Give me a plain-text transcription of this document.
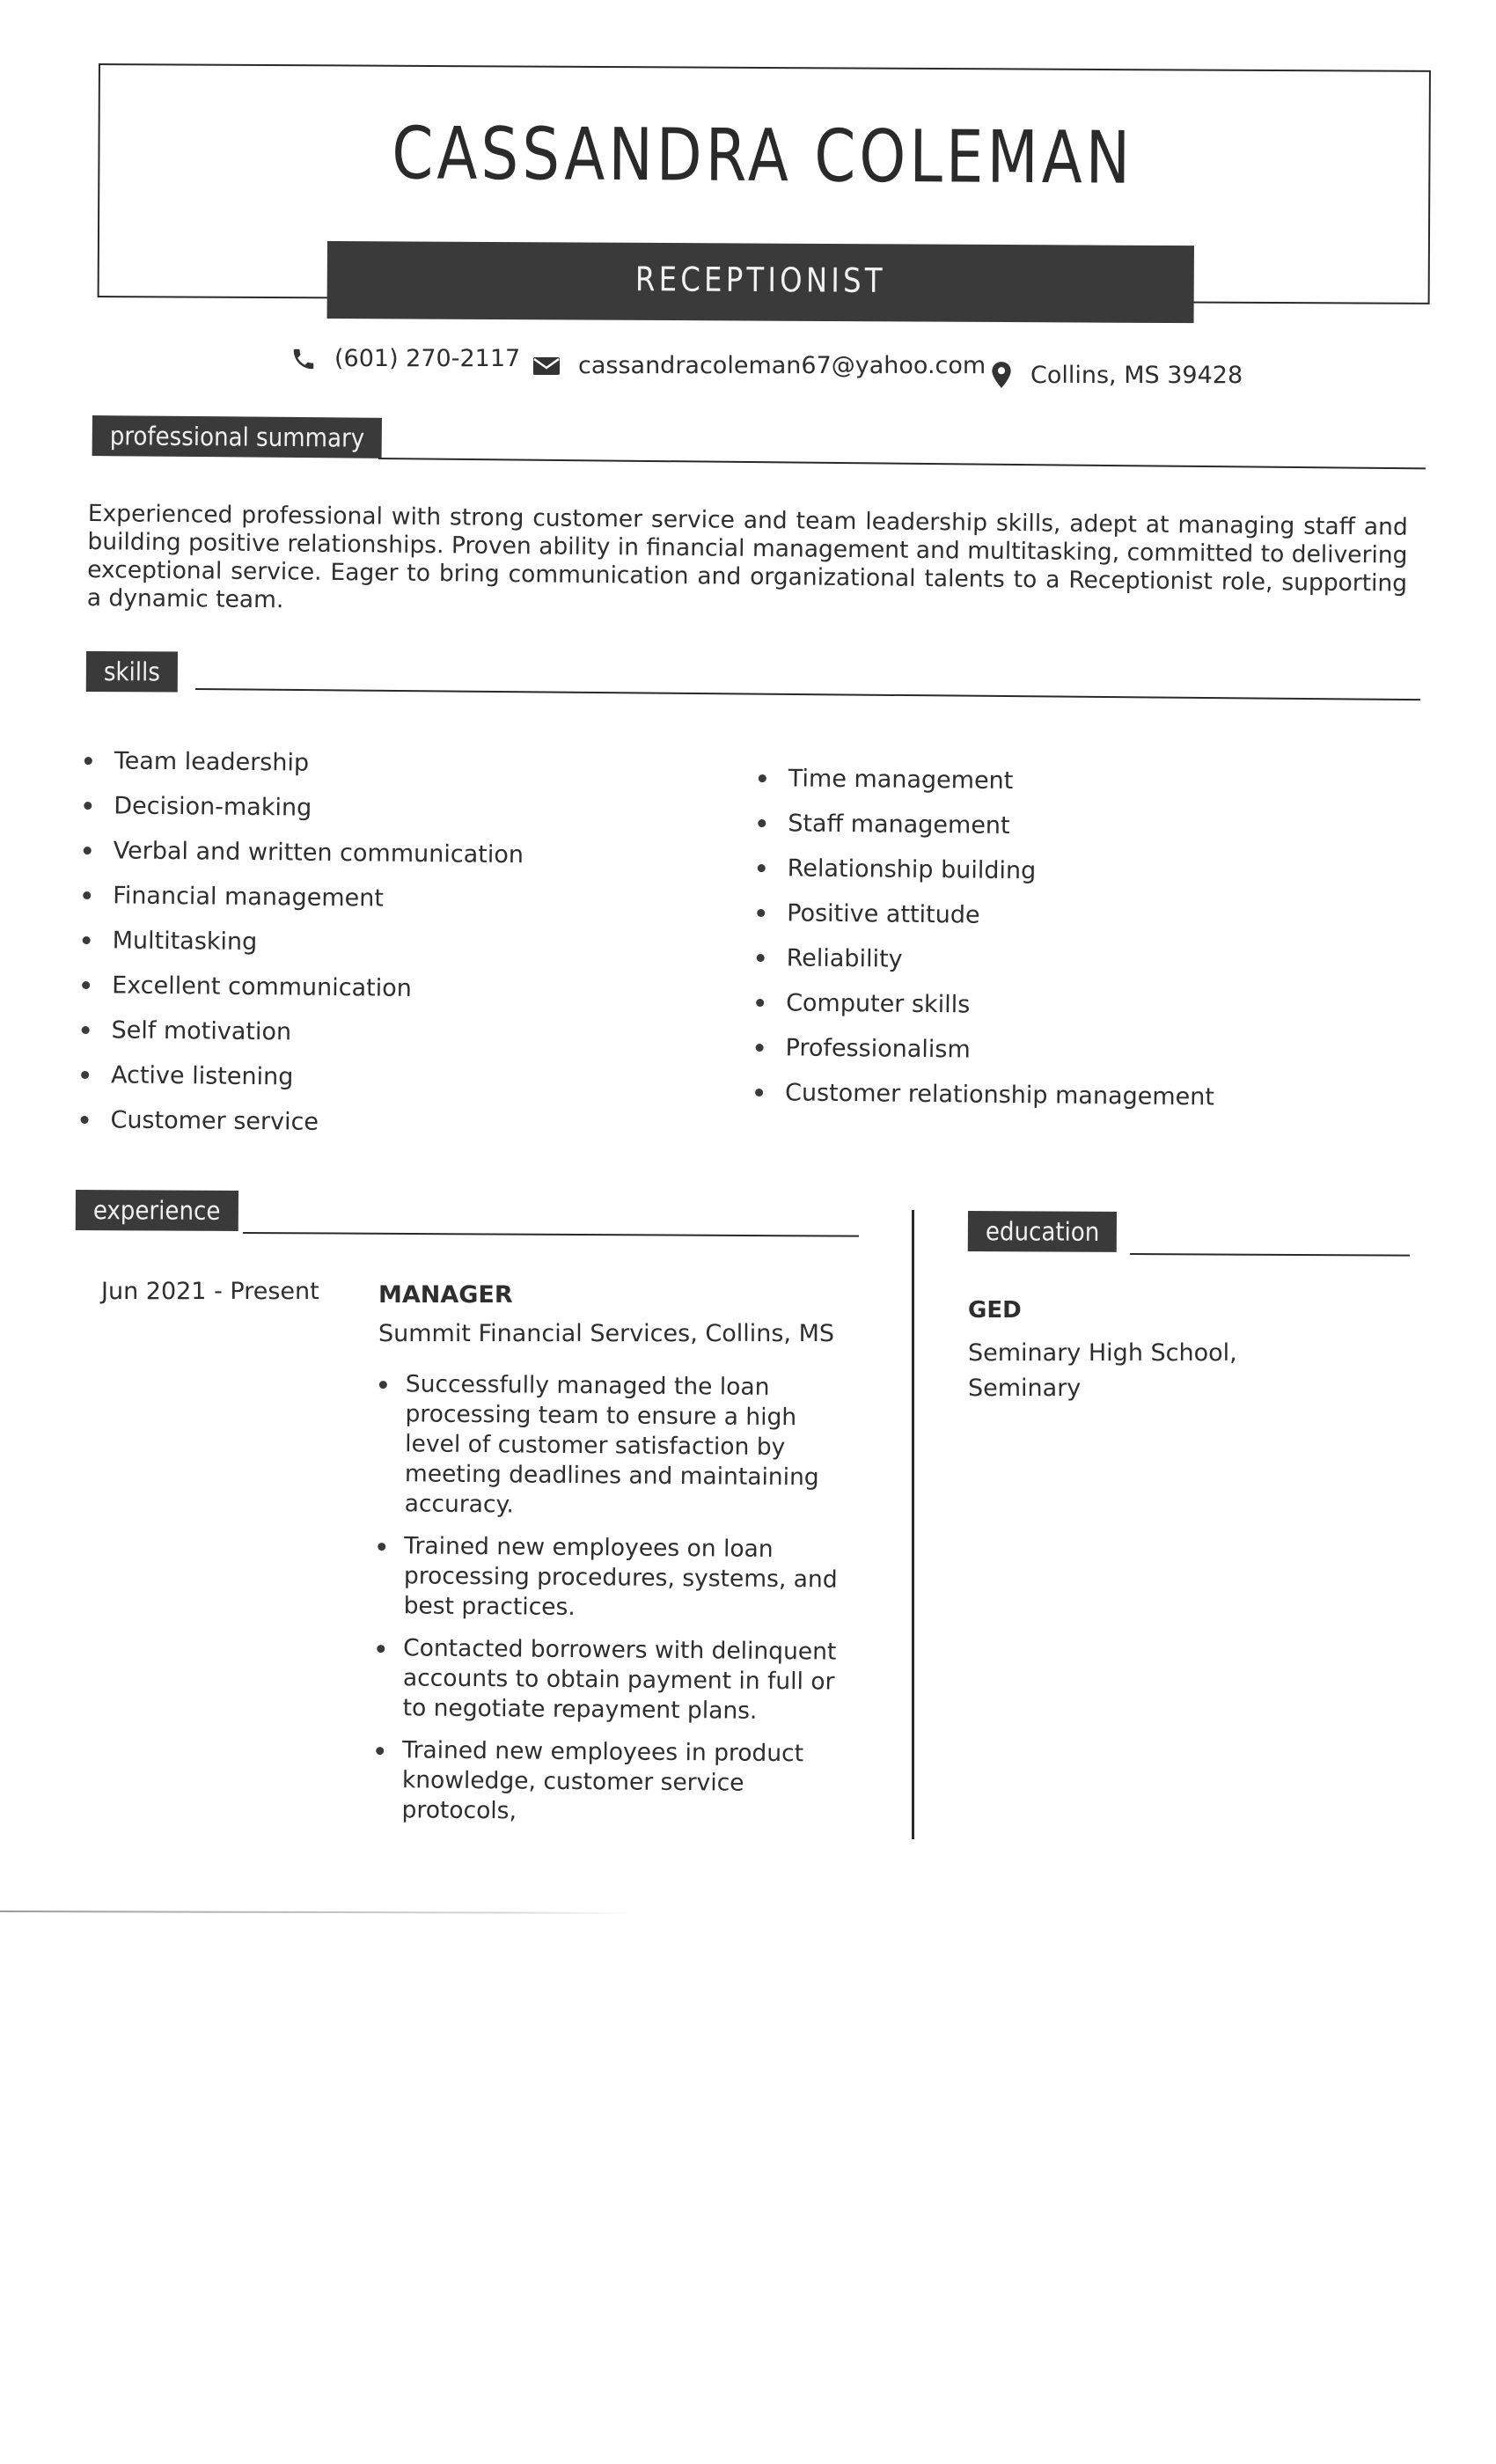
CASSANDRA COLEMAN
RECEPTIONIST
(601) 270-2117 cassandracoleman67@yahoo.com Collins, MS 39428
professional summary
Experienced professional with strong customer service and team leadership skills, adept at managing staff and building positive relationships. Proven ability in financial management and multitasking, committed to delivering exceptional service. Eager to bring communication and organizational talents to a Receptionist role, supporting a dynamic team.
skills
Team leadership
Decision-making
Verbal and written communication
Financial management
Multitasking
Excellent communication
Self motivation
Active listening
Customer service
Time management
Staff management
Relationship building
Positive attitude
Reliability
Computer skills
Professionalism
Customer relationship management
experience
Jun 2021 - Present MANAGER
Summit Financial Services, Collins, MS
Successfully managed the loan processing team to ensure a high level of customer satisfaction by meeting deadlines and maintaining accuracy.
Trained new employees on loan processing procedures, systems, and best practices.
Contacted borrowers with delinquent accounts to obtain payment in full or to negotiate repayment plans.
Trained new employees in product knowledge, customer service protocols,
education
GED
Seminary High School, Seminary
